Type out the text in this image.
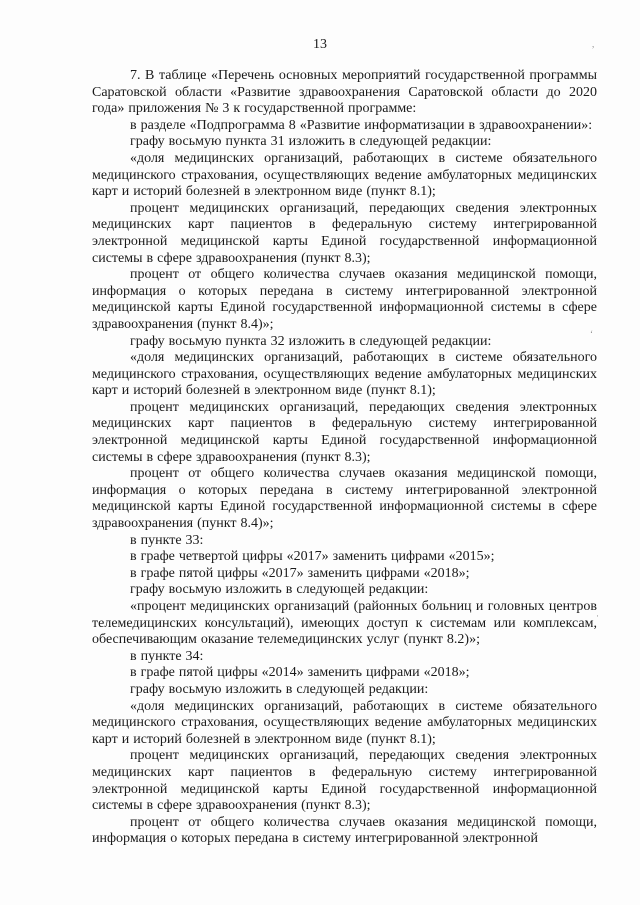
13

7. В таблице «Перечень основных мероприятий государственной программы Саратовской области «Развитие здравоохранения Саратовской области до 2020 года» приложения № 3 к государственной программе:

в разделе «Подпрограмма 8 «Развитие информатизации в здравоохранении»:

графу восьмую пункта 31 изложить в следующей редакции:

«доля медицинских организаций, работающих в системе обязательного медицинского страхования, осуществляющих ведение амбулаторных медицинских карт и историй болезней в электронном виде (пункт 8.1);

процент медицинских организаций, передающих сведения электронных медицинских карт пациентов в федеральную систему интегрированной электронной медицинской карты Единой государственной информационной системы в сфере здравоохранения (пункт 8.3);

процент от общего количества случаев оказания медицинской помощи, информация о которых передана в систему интегрированной электронной медицинской карты Единой государственной информационной системы в сфере здравоохранения (пункт 8.4)»;

графу восьмую пункта 32 изложить в следующей редакции:

«доля медицинских организаций, работающих в системе обязательного медицинского страхования, осуществляющих ведение амбулаторных медицинских карт и историй болезней в электронном виде (пункт 8.1);

процент медицинских организаций, передающих сведения электронных медицинских карт пациентов в федеральную систему интегрированной электронной медицинской карты Единой государственной информационной системы в сфере здравоохранения (пункт 8.3);

процент от общего количества случаев оказания медицинской помощи, информация о которых передана в систему интегрированной электронной медицинской карты Единой государственной информационной системы в сфере здравоохранения (пункт 8.4)»;

в пункте 33:

в графе четвертой цифры «2017» заменить цифрами «2015»;

в графе пятой цифры «2017» заменить цифрами «2018»;

графу восьмую изложить в следующей редакции:

«процент медицинских организаций (районных больниц и головных центров телемедицинских консультаций), имеющих доступ к системам или комплексам, обеспечивающим оказание телемедицинских услуг (пункт 8.2)»;

в пункте 34:

в графе пятой цифры «2014» заменить цифрами «2018»;

графу восьмую изложить в следующей редакции:

«доля медицинских организаций, работающих в системе обязательного медицинского страхования, осуществляющих ведение амбулаторных медицинских карт и историй болезней в электронном виде (пункт 8.1);

процент медицинских организаций, передающих сведения электронных медицинских карт пациентов в федеральную систему интегрированной электронной медицинской карты Единой государственной информационной системы в сфере здравоохранения (пункт 8.3);

процент от общего количества случаев оказания медицинской помощи, информация о которых передана в систему интегрированной электронной

,
‘
·
